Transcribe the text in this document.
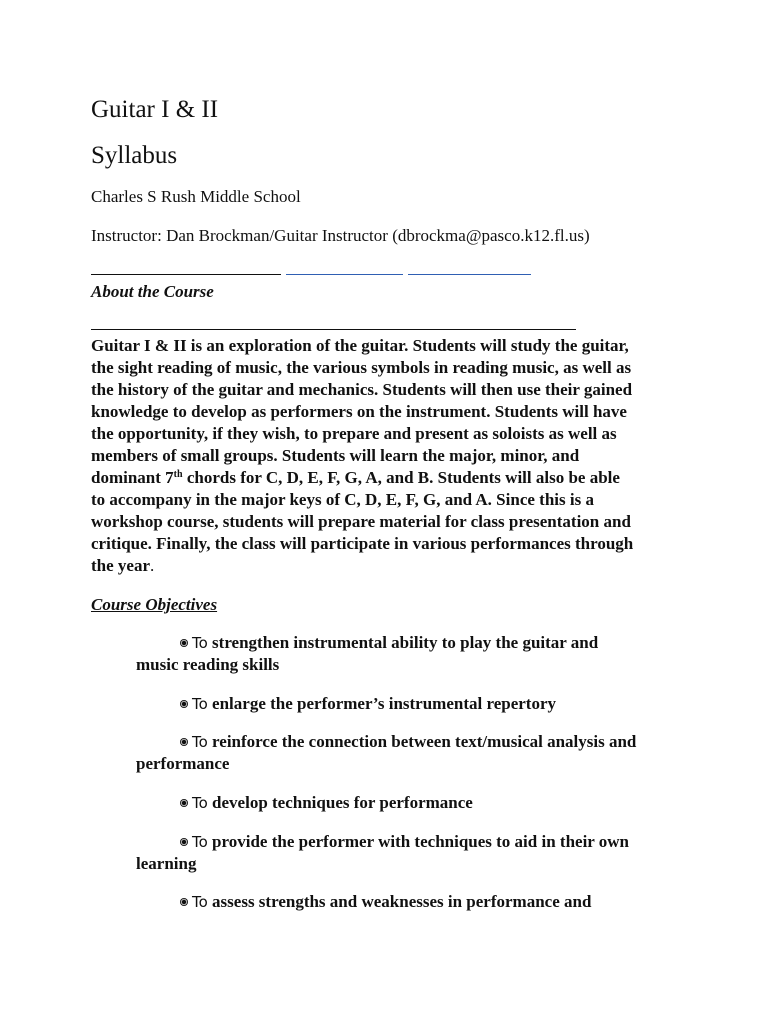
Guitar I & II
Syllabus
Charles S Rush Middle School
Instructor: Dan Brockman/Guitar Instructor (dbrockma@pasco.k12.fl.us)
About the Course
Guitar I & II is an exploration of the guitar. Students will study the guitar,
the sight reading of music, the various symbols in reading music, as well as
the history of the guitar and mechanics. Students will then use their gained
knowledge to develop as performers on the instrument. Students will have
the opportunity, if they wish, to prepare and present as soloists as well as
members of small groups. Students will learn the major, minor, and
dominant 7th chords for C, D, E, F, G, A, and B. Students will also be able
to accompany in the major keys of C, D, E, F, G, and A. Since this is a
workshop course, students will prepare material for class presentation and
critique. Finally, the class will participate in various performances through
the year.
Course Objectives
To strengthen instrumental ability to play the guitar and
music reading skills
To enlarge the performer’s instrumental repertory
To reinforce the connection between text/musical analysis and
performance
To develop techniques for performance
To provide the performer with techniques to aid in their own
learning
To assess strengths and weaknesses in performance and
